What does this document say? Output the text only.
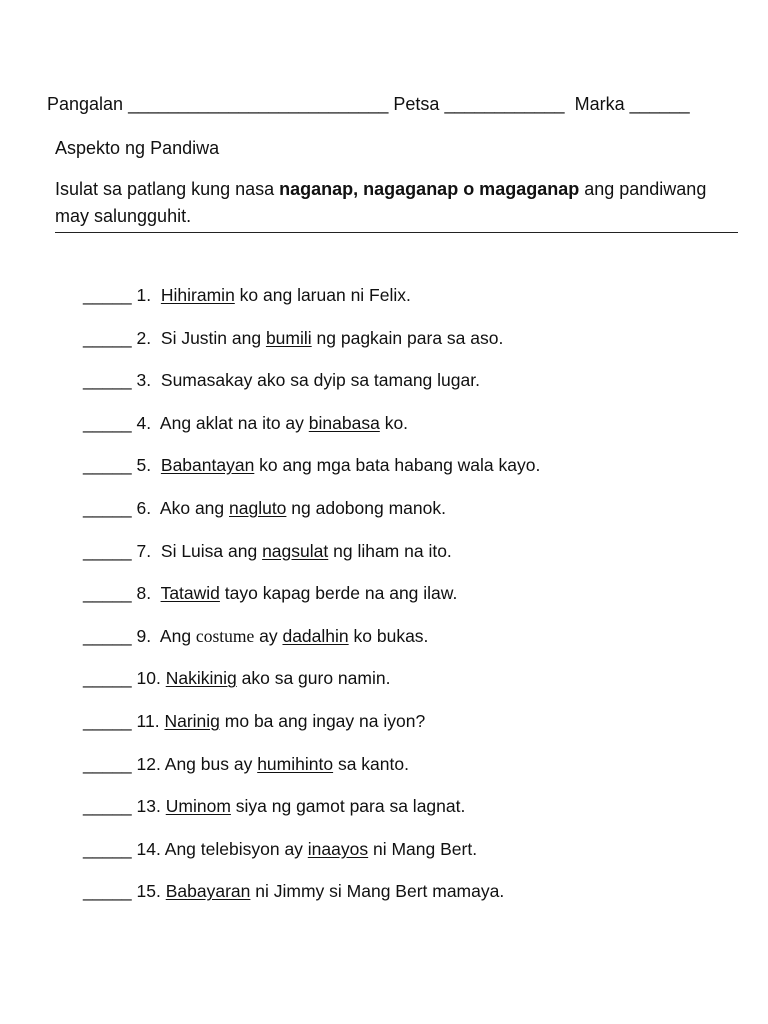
Pangalan __________________________ Petsa ____________ Marka ______
Aspekto ng Pandiwa
Isulat sa patlang kung nasa naganap, nagaganap o magaganap ang pandiwang may salungguhit.
_____ 1. Hihiramin ko ang laruan ni Felix.
_____ 2. Si Justin ang bumili ng pagkain para sa aso.
_____ 3. Sumasakay ako sa dyip sa tamang lugar.
_____ 4. Ang aklat na ito ay binabasa ko.
_____ 5. Babantayan ko ang mga bata habang wala kayo.
_____ 6. Ako ang nagluto ng adobong manok.
_____ 7. Si Luisa ang nagsulat ng liham na ito.
_____ 8. Tatawid tayo kapag berde na ang ilaw.
_____ 9. Ang costume ay dadalhin ko bukas.
_____ 10. Nakikinig ako sa guro namin.
_____ 11. Narinig mo ba ang ingay na iyon?
_____ 12. Ang bus ay humihinto sa kanto.
_____ 13. Uminom siya ng gamot para sa lagnat.
_____ 14. Ang telebisyon ay inaayos ni Mang Bert.
_____ 15. Babayaran ni Jimmy si Mang Bert mamaya.
